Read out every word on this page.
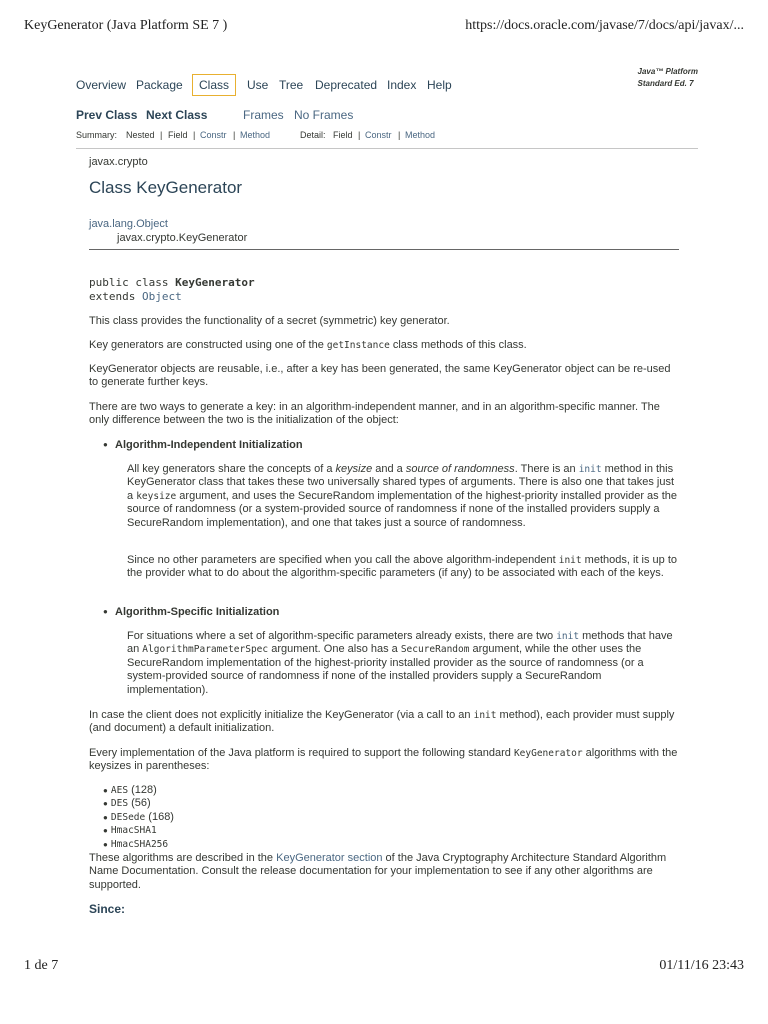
KeyGenerator (Java Platform SE 7 )	https://docs.oracle.com/javase/7/docs/api/javax/...
Java™ Platform
Standard Ed. 7
Overview Package	Class	Use Tree Deprecated Index Help
Prev Class Next Class	Frames No Frames
Summary: Nested | Field | Constr | Method	Detail: Field | Constr | Method
javax.crypto
Class KeyGenerator
java.lang.Object
javax.crypto.KeyGenerator
public class KeyGenerator
extends Object

This class provides the functionality of a secret (symmetric) key generator.

Key generators are constructed using one of the getInstance class methods of this class.

KeyGenerator objects are reusable, i.e., after a key has been generated, the same KeyGenerator object can be re-used to generate further keys.

There are two ways to generate a key: in an algorithm-independent manner, and in an algorithm-specific manner. The only difference between the two is the initialization of the object:

● Algorithm-Independent Initialization

All key generators share the concepts of a keysize and a source of randomness. There is an init method in this KeyGenerator class that takes these two universally shared types of arguments. There is also one that takes just a keysize argument, and uses the SecureRandom implementation of the highest-priority installed provider as the source of randomness (or a system-provided source of randomness if none of the installed providers supply a SecureRandom implementation), and one that takes just a source of randomness.

Since no other parameters are specified when you call the above algorithm-independent init methods, it is up to the provider what to do about the algorithm-specific parameters (if any) to be associated with each of the keys.

● Algorithm-Specific Initialization

For situations where a set of algorithm-specific parameters already exists, there are two init methods that have an AlgorithmParameterSpec argument. One also has a SecureRandom argument, while the other uses the SecureRandom implementation of the highest-priority installed provider as the source of randomness (or a system-provided source of randomness if none of the installed providers supply a SecureRandom implementation).

In case the client does not explicitly initialize the KeyGenerator (via a call to an init method), each provider must supply (and document) a default initialization.

Every implementation of the Java platform is required to support the following standard KeyGenerator algorithms with the keysizes in parentheses:

● AES (128)
● DES (56)
● DESede (168)
● HmacSHA1
● HmacSHA256

These algorithms are described in the KeyGenerator section of the Java Cryptography Architecture Standard Algorithm Name Documentation. Consult the release documentation for your implementation to see if any other algorithms are supported.

Since:
1 de 7	01/11/16 23:43
